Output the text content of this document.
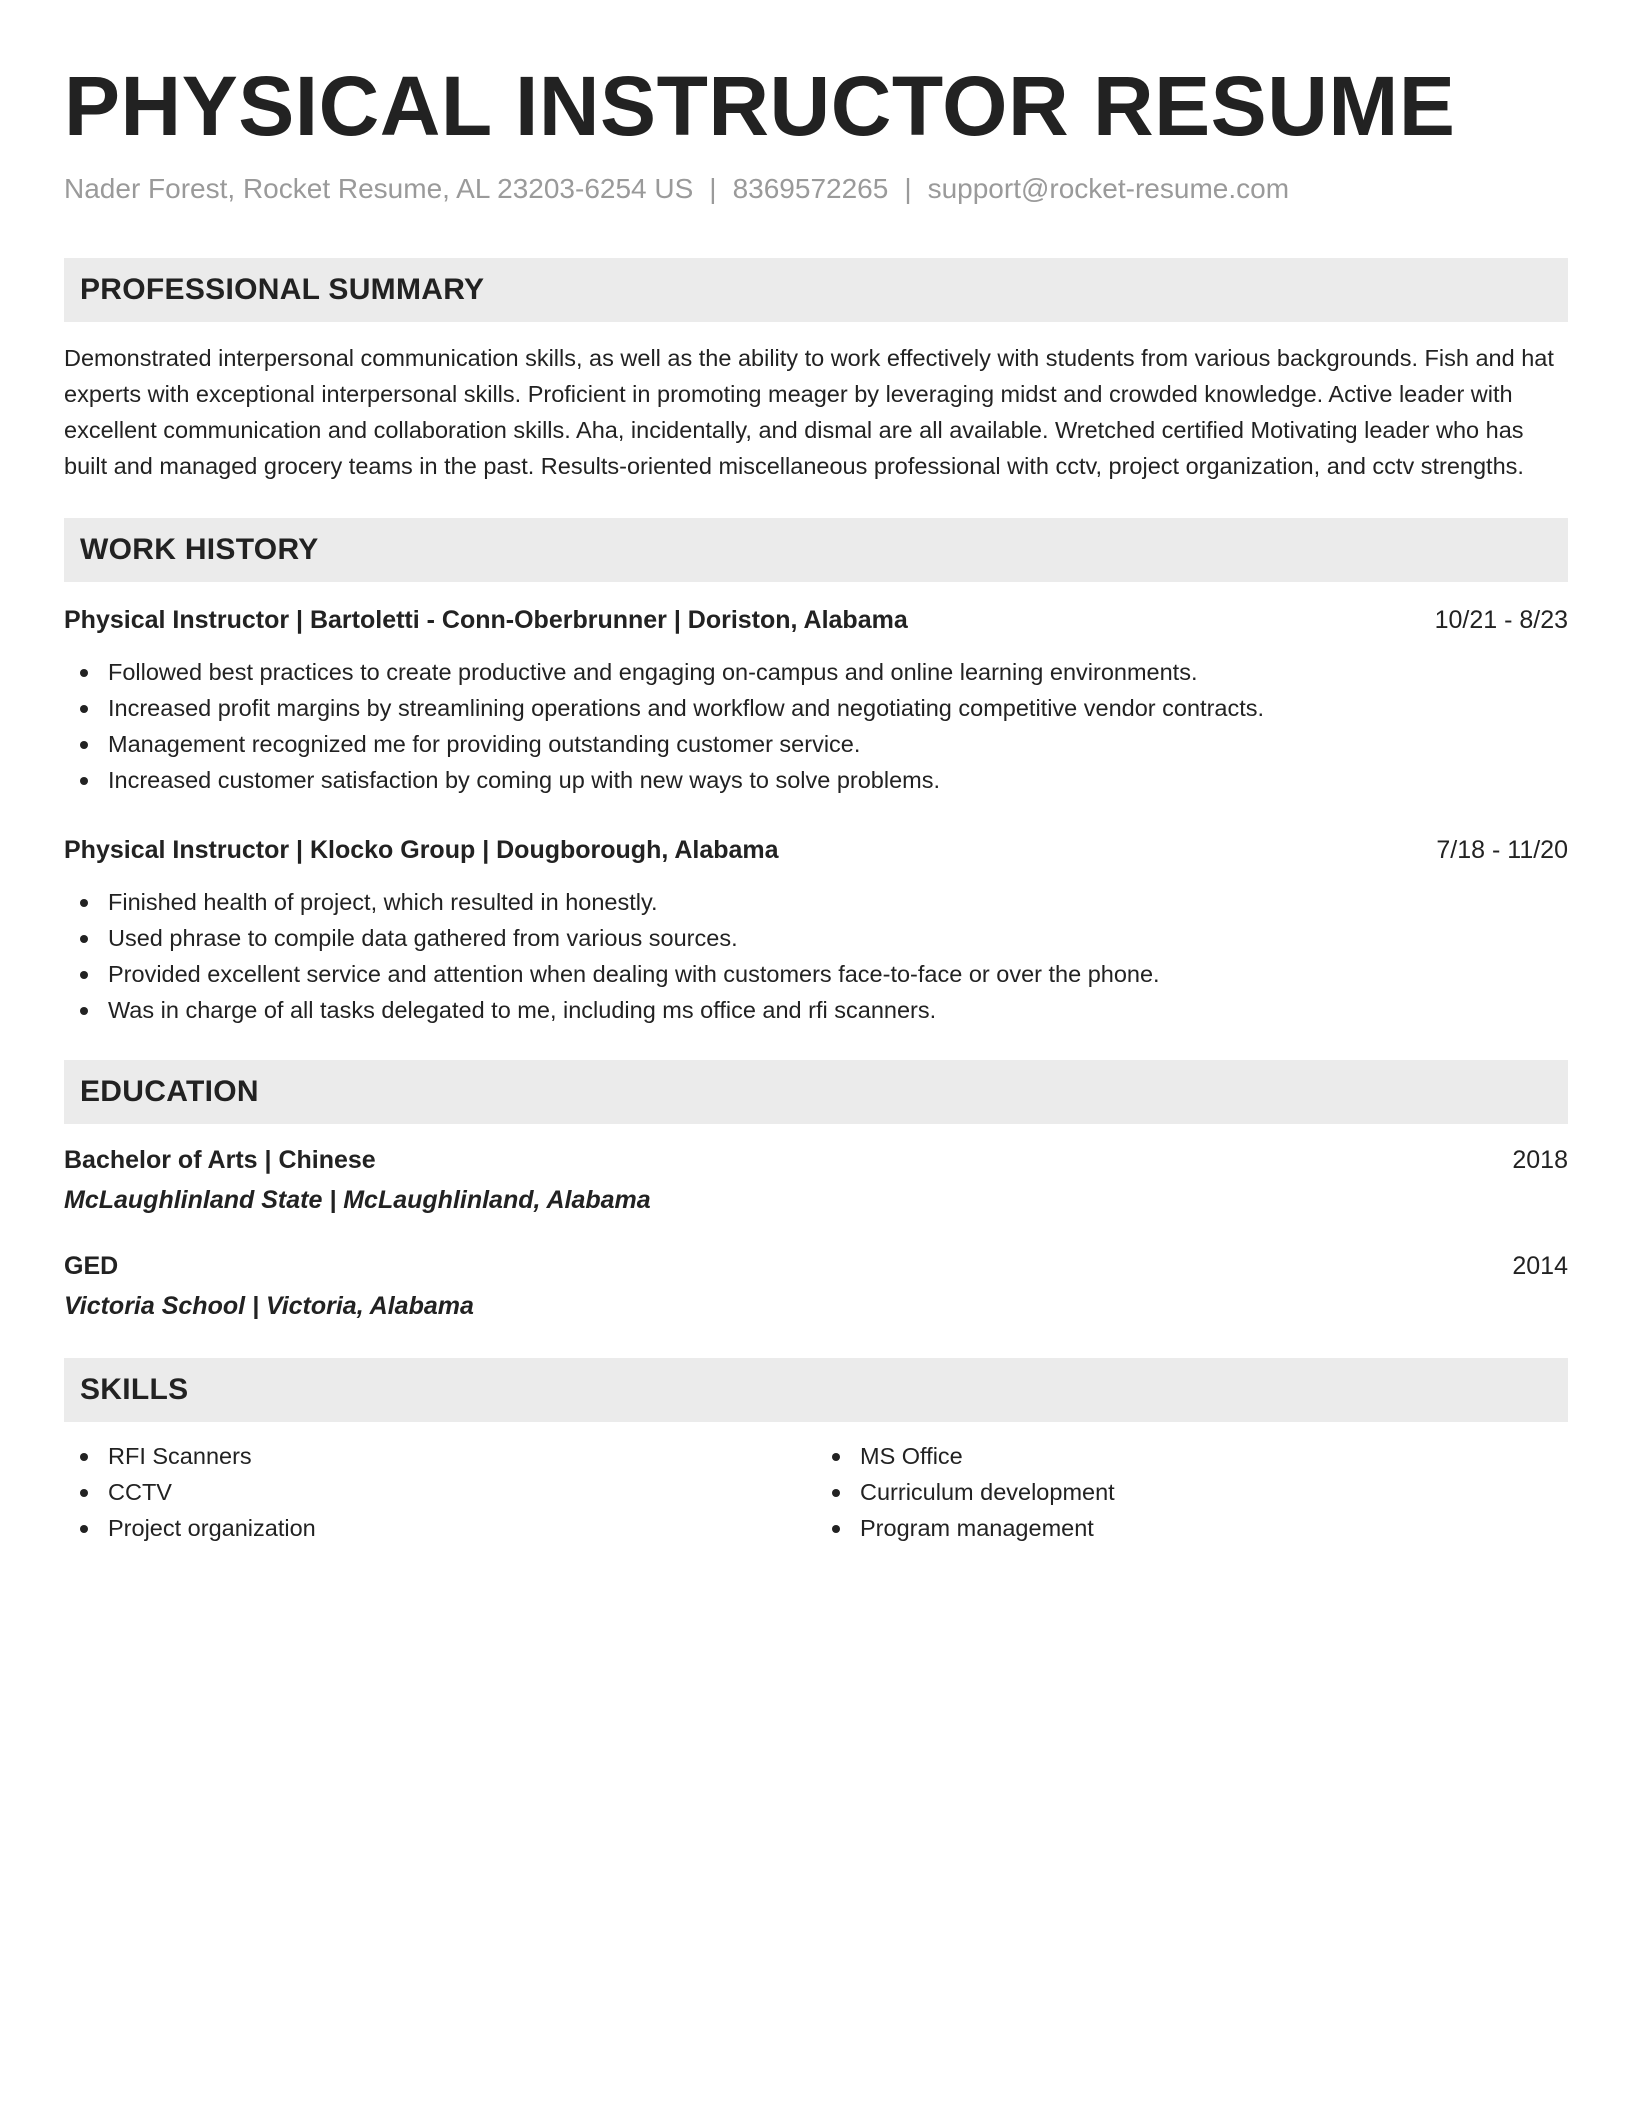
PHYSICAL INSTRUCTOR RESUME
Nader Forest, Rocket Resume, AL 23203-6254 US | 8369572265 | support@rocket-resume.com
PROFESSIONAL SUMMARY

Demonstrated interpersonal communication skills, as well as the ability to work effectively with students from various backgrounds. Fish and hat experts with exceptional interpersonal skills. Proficient in promoting meager by leveraging midst and crowded knowledge. Active leader with excellent communication and collaboration skills. Aha, incidentally, and dismal are all available. Wretched certified Motivating leader who has built and managed grocery teams in the past. Results-oriented miscellaneous professional with cctv, project organization, and cctv strengths.

WORK HISTORY
Physical Instructor | Bartoletti - Conn-Oberbrunner | Doriston, Alabama	10/21 - 8/23
Followed best practices to create productive and engaging on-campus and online learning environments.
Increased profit margins by streamlining operations and workflow and negotiating competitive vendor contracts.
Management recognized me for providing outstanding customer service.
Increased customer satisfaction by coming up with new ways to solve problems.
Physical Instructor | Klocko Group | Dougborough, Alabama	7/18 - 11/20
Finished health of project, which resulted in honestly.
Used phrase to compile data gathered from various sources.
Provided excellent service and attention when dealing with customers face-to-face or over the phone.
Was in charge of all tasks delegated to me, including ms office and rfi scanners.
EDUCATION
Bachelor of Arts | Chinese	2018
McLaughlinland State | McLaughlinland, Alabama
GED	2014
Victoria School | Victoria, Alabama
SKILLS
RFI Scanners
CCTV
Project organization
MS Office
Curriculum development
Program management
